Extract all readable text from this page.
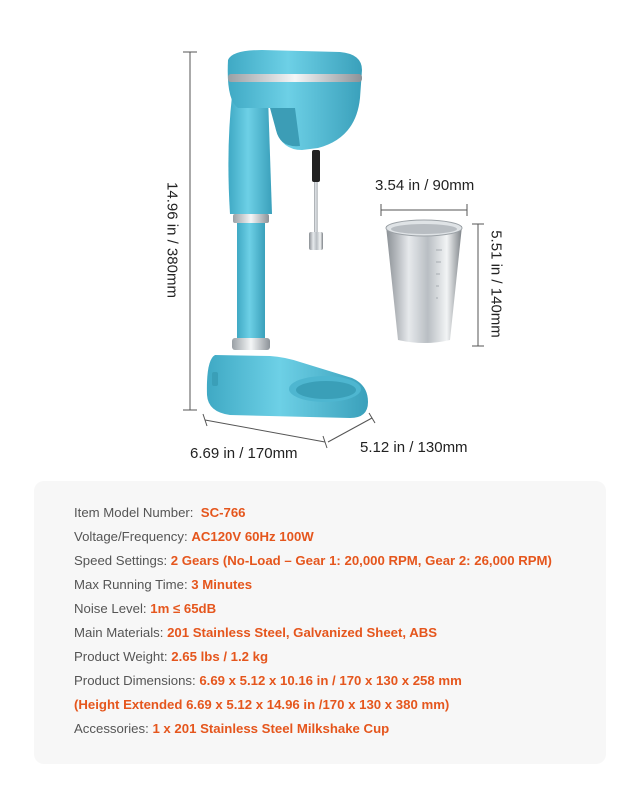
14.96 in / 380mm	3.54 in / 90mm
5.51 in / 140mm
6.69 in / 170mm	5.12 in / 130mm
Item Model Number: SC-766
Voltage/Frequency: AC120V 60Hz 100W
Speed Settings: 2 Gears (No-Load – Gear 1: 20,000 RPM, Gear 2: 26,000 RPM)
Max Running Time: 3 Minutes
Noise Level: 1m ≤ 65dB
Main Materials: 201 Stainless Steel, Galvanized Sheet, ABS
Product Weight: 2.65 lbs / 1.2 kg
Product Dimensions: 6.69 x 5.12 x 10.16 in / 170 x 130 x 258 mm
(Height Extended 6.69 x 5.12 x 14.96 in /170 x 130 x 380 mm)
Accessories: 1 x 201 Stainless Steel Milkshake Cup
